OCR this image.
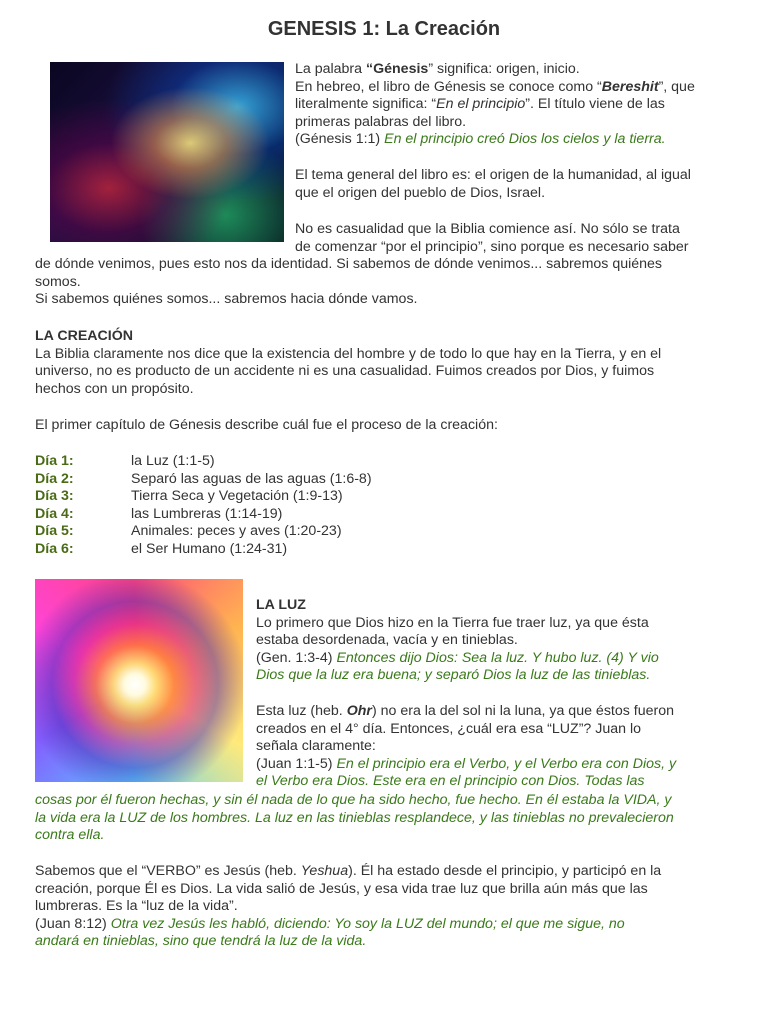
GENESIS 1: La Creación

La palabra “Génesis” significa: origen, inicio.

En hebreo, el libro de Génesis se conoce como “Bereshit”, que

literalmente significa: “En el principio”. El título viene de las

primeras palabras del libro.

(Génesis 1:1) En el principio creó Dios los cielos y la tierra.

El tema general del libro es: el origen de la humanidad, al igual

que el origen del pueblo de Dios, Israel.

No es casualidad que la Biblia comience así. No sólo se trata

de comenzar “por el principio”, sino porque es necesario saber

de dónde venimos, pues esto nos da identidad. Si sabemos de dónde venimos... sabremos quiénes

somos.

Si sabemos quiénes somos... sabremos hacia dónde vamos.

LA CREACIÓN

La Biblia claramente nos dice que la existencia del hombre y de todo lo que hay en la Tierra, y en el

universo, no es producto de un accidente ni es una casualidad. Fuimos creados por Dios, y fuimos

hechos con un propósito.

El primer capítulo de Génesis describe cuál fue el proceso de la creación:

Día 1:	la Luz (1:1-5)

Día 2:	Separó las aguas de las aguas (1:6-8)

Día 3:	Tierra Seca y Vegetación (1:9-13)

Día 4:	las Lumbreras (1:14-19)

Día 5:	Animales: peces y aves (1:20-23)

Día 6:	el Ser Humano (1:24-31)

LA LUZ

Lo primero que Dios hizo en la Tierra fue traer luz, ya que ésta

estaba desordenada, vacía y en tinieblas.

(Gen. 1:3-4) Entonces dijo Dios: Sea la luz. Y hubo luz. (4) Y vio

Dios que la luz era buena; y separó Dios la luz de las tinieblas.

Esta luz (heb. Ohr) no era la del sol ni la luna, ya que éstos fueron

creados en el 4° día. Entonces, ¿cuál era esa “LUZ”? Juan lo

señala claramente:

(Juan 1:1-5) En el principio era el Verbo, y el Verbo era con Dios, y

el Verbo era Dios. Este era en el principio con Dios. Todas las

cosas por él fueron hechas, y sin él nada de lo que ha sido hecho, fue hecho. En él estaba la VIDA, y

la vida era la LUZ de los hombres. La luz en las tinieblas resplandece, y las tinieblas no prevalecieron

contra ella.

Sabemos que el “VERBO” es Jesús (heb. Yeshua). Él ha estado desde el principio, y participó en la

creación, porque Él es Dios. La vida salió de Jesús, y esa vida trae luz que brilla aún más que las

lumbreras. Es la “luz de la vida”.

(Juan 8:12) Otra vez Jesús les habló, diciendo: Yo soy la LUZ del mundo; el que me sigue, no

andará en tinieblas, sino que tendrá la luz de la vida.
